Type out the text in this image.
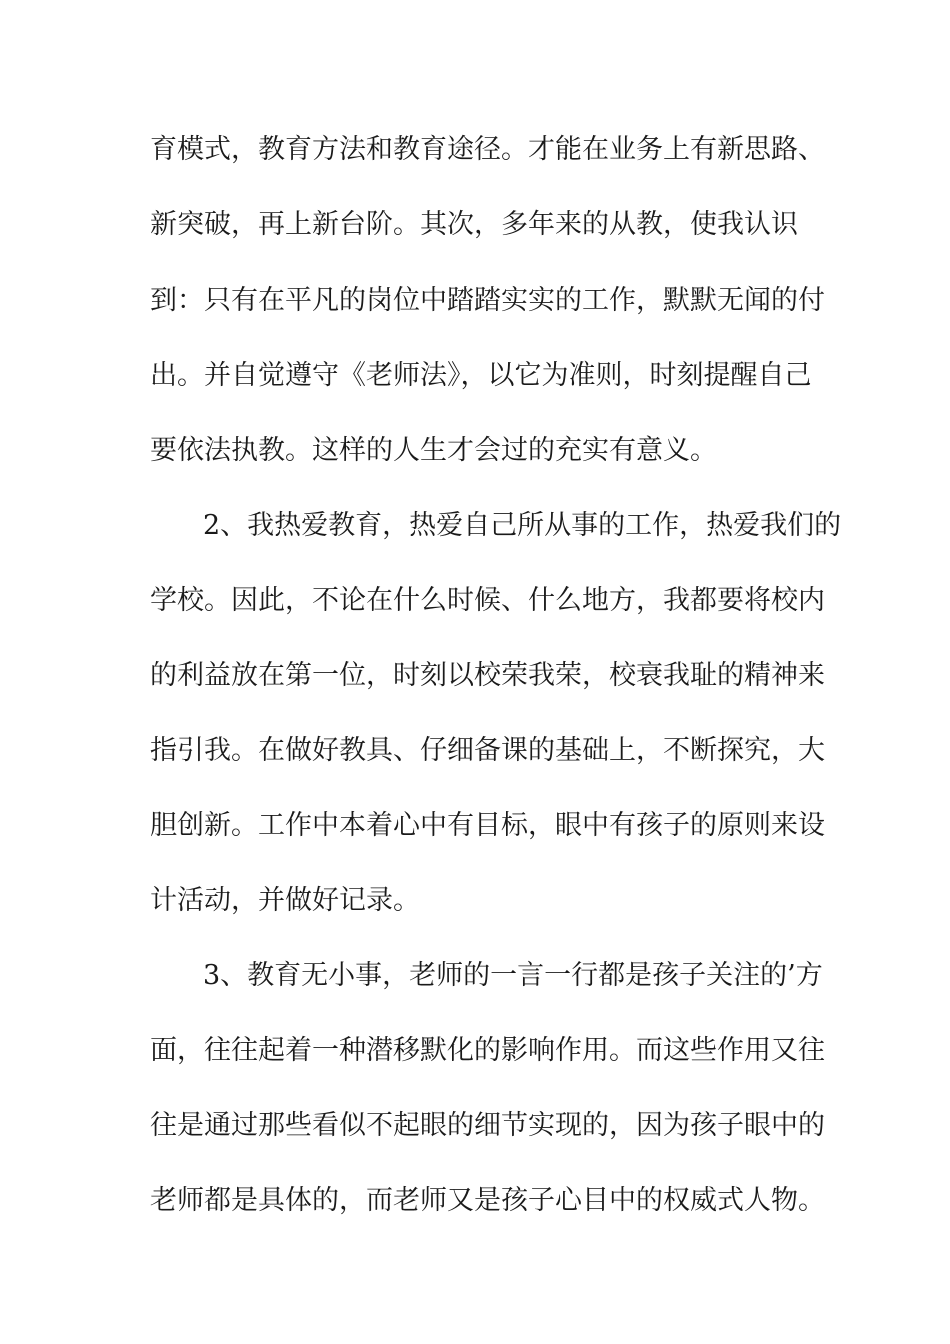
育模式，教育方法和教育途径。才能在业务上有新思路、

新突破，再上新台阶。其次，多年来的从教，使我认识

到：只有在平凡的岗位中踏踏实实的工作，默默无闻的付

出。并自觉遵守《老师法》，以它为准则，时刻提醒自己

要依法执教。这样的人生才会过的充实有意义。

2、我热爱教育，热爱自己所从事的工作，热爱我们的

学校。因此，不论在什么时候、什么地方，我都要将校内

的利益放在第一位，时刻以校荣我荣，校衰我耻的精神来

指引我。在做好教具、仔细备课的基础上，不断探究，大

胆创新。工作中本着心中有目标，眼中有孩子的原则来设

计活动，并做好记录。

3、教育无小事，老师的一言一行都是孩子关注的’方

面，往往起着一种潜移默化的影响作用。而这些作用又往

往是通过那些看似不起眼的细节实现的，因为孩子眼中的

老师都是具体的，而老师又是孩子心目中的权威式人物。
